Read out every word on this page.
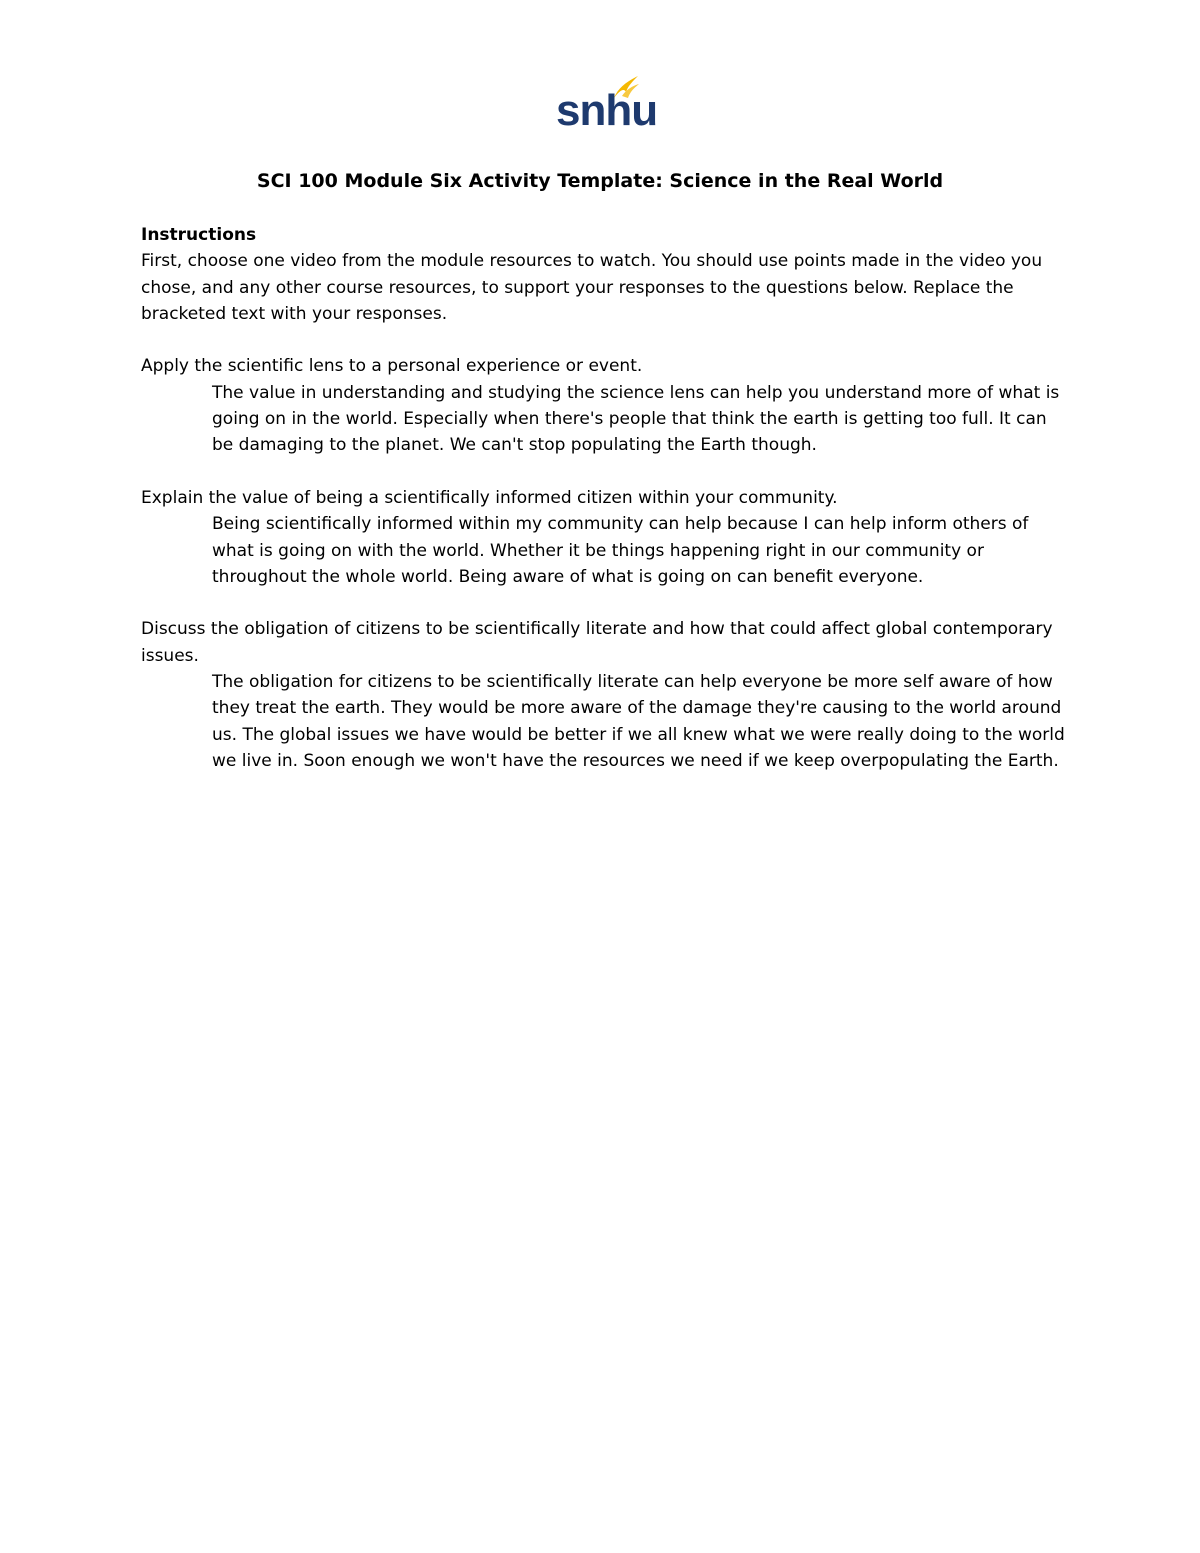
snhu
SCI 100 Module Six Activity Template: Science in the Real World

Instructions

First, choose one video from the module resources to watch. You should use points made in the video you chose, and any other course resources, to support your responses to the questions below. Replace the bracketed text with your responses.

Apply the scientific lens to a personal experience or event.

The value in understanding and studying the science lens can help you understand more of what is going on in the world. Especially when there's people that think the earth is getting too full. It can be damaging to the planet. We can't stop populating the Earth though.

Explain the value of being a scientifically informed citizen within your community.

Being scientifically informed within my community can help because I can help inform others of what is going on with the world. Whether it be things happening right in our community or throughout the whole world. Being aware of what is going on can benefit everyone.

Discuss the obligation of citizens to be scientifically literate and how that could affect global contemporary issues.

The obligation for citizens to be scientifically literate can help everyone be more self aware of how they treat the earth. They would be more aware of the damage they're causing to the world around us. The global issues we have would be better if we all knew what we were really doing to the world we live in. Soon enough we won't have the resources we need if we keep overpopulating the Earth.
